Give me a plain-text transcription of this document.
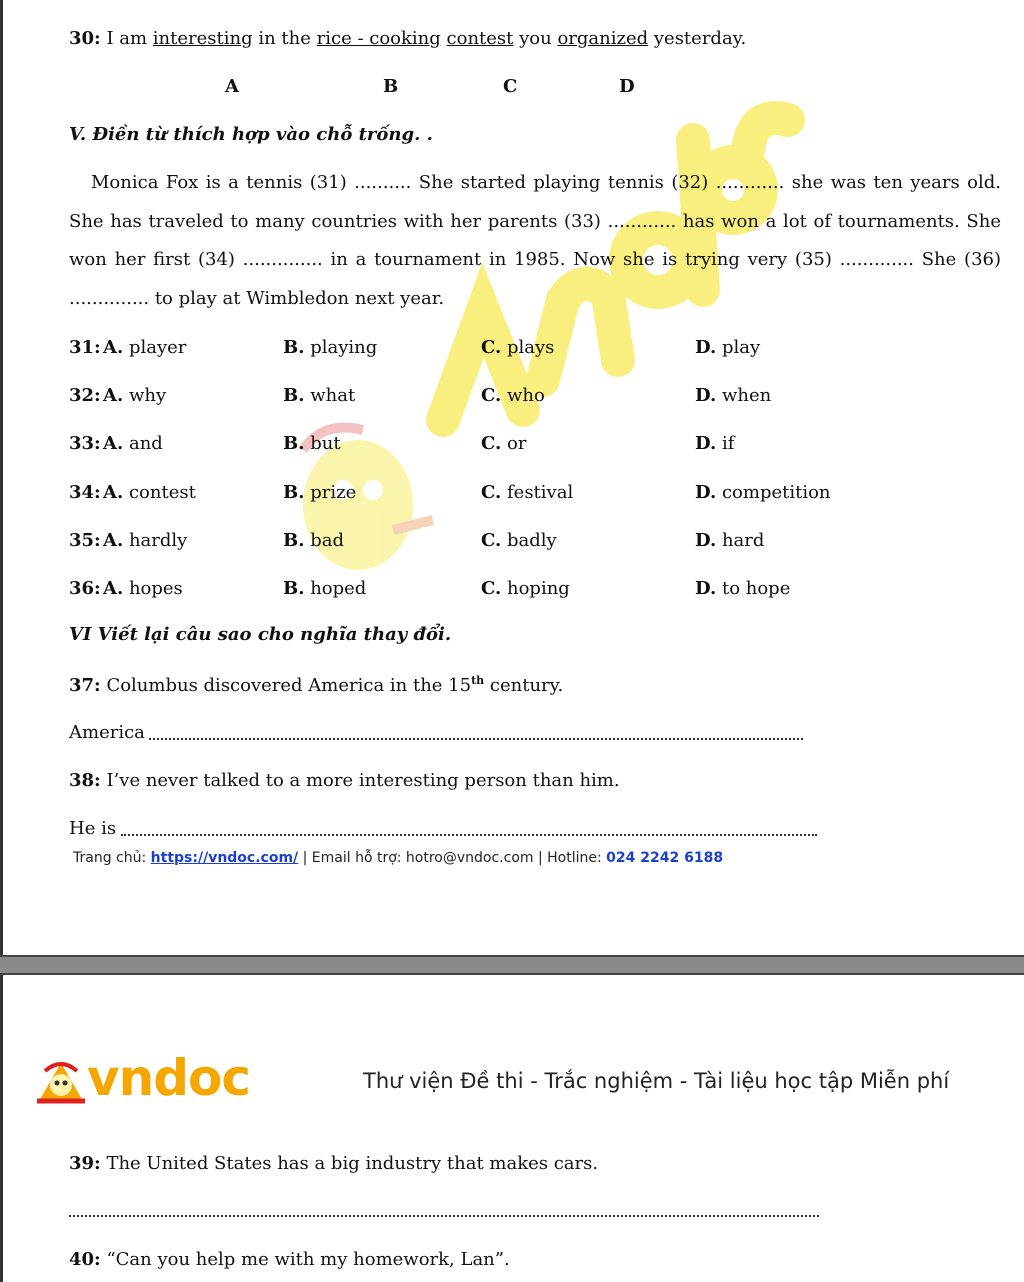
30: I am interesting in the rice - cooking contest you organized yesterday.
A	B	C	D
V. Điền từ thích hợp vào chỗ trống. .

Monica Fox is a tennis (31) .......... She started playing tennis (32) ............ she was ten years old. She has traveled to many countries with her parents (33) ............ has won a lot of tournaments. She won her first (34) .............. in a tournament in 1985. Now she is trying very (35) ............. She (36) .............. to play at Wimbledon next year.

31: A. player	B. playing	C. plays	D. play
32: A. why	B. what	C. who	D. when
33: A. and	B. but	C. or	D. if
34: A. contest	B. prize	C. festival	D. competition
35: A. hardly	B. bad	C. badly	D. hard
36: A. hopes	B. hoped	C. hoping	D. to hope
VI Viết lại câu sao cho nghĩa thay đổi.
37: Columbus discovered America in the 15th century.
America
38: I’ve never talked to a more interesting person than him.
He is
Trang chủ: https://vndoc.com/ | Email hỗ trợ: hotro@vndoc.com | Hotline: 024 2242 6188
vndoc	Thư viện Đề thi - Trắc nghiệm - Tài liệu học tập Miễn phí
39: The United States has a big industry that makes cars.
40: “Can you help me with my homework, Lan”.
